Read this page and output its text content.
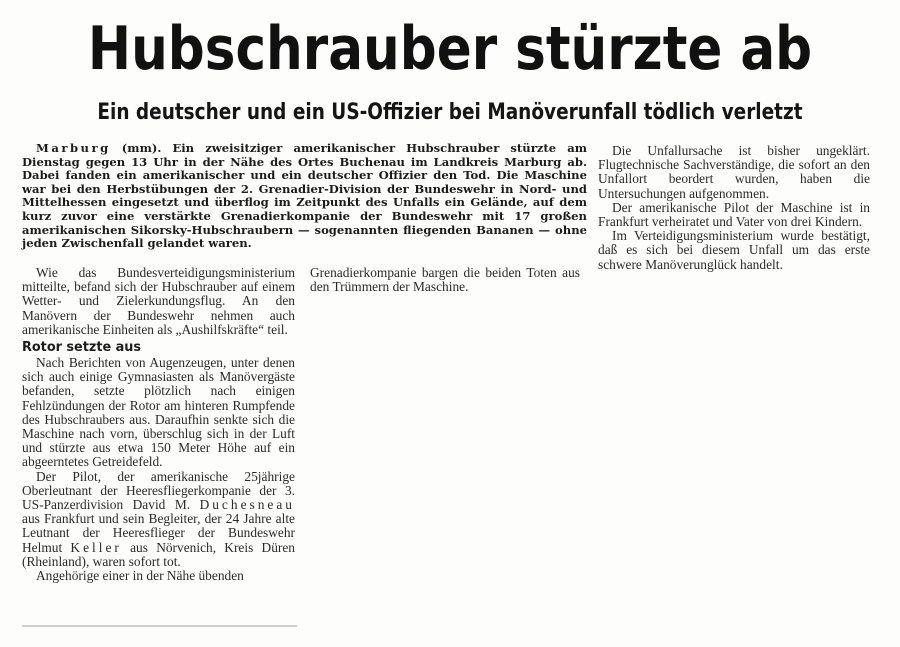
Hubschrauber stürzte ab
Ein deutscher und ein US-Offizier bei Manöverunfall tödlich verletzt
Marburg (mm). Ein zweisitziger amerikanischer Hubschrauber stürzte am Dienstag gegen 13 Uhr in der Nähe des Ortes Buchenau im Landkreis Marburg ab. Dabei fanden ein amerikanischer und ein deutscher Offizier den Tod. Die Maschine war bei den Herbstübungen der 2. Grenadier-Division der Bundeswehr in Nord- und Mittelhessen eingesetzt und überflog im Zeitpunkt des Unfalls ein Gelände, auf dem kurz zuvor eine verstärkte Grenadierkompanie der Bundeswehr mit 17 großen amerikanischen Sikorsky-Hubschraubern — sogenannten fliegenden Bananen — ohne jeden Zwischenfall gelandet waren.

Wie das Bundesverteidigungsministerium mitteilte, befand sich der Hubschrauber auf einem Wetter- und Zielerkundungsflug. An den Manövern der Bundeswehr nehmen auch amerikanische Einheiten als „Aushilfskräfte“ teil.

Rotor setzte aus

Nach Berichten von Augenzeugen, unter denen sich auch einige Gymnasiasten als Manövergäste befanden, setzte plötzlich nach einigen Fehlzündungen der Rotor am hinteren Rumpfende des Hubschraubers aus. Daraufhin senkte sich die Maschine nach vorn, überschlug sich in der Luft und stürzte aus etwa 150 Meter Höhe auf ein abgeerntetes Getreidefeld.

Der Pilot, der amerikanische 25jährige Oberleutnant der Heeresfliegerkompanie der 3. US-Panzerdivision David M. Duchesneau aus Frankfurt und sein Begleiter, der 24 Jahre alte Leutnant der Heeresflieger der Bundeswehr Helmut Keller aus Nörvenich, Kreis Düren (Rheinland), waren sofort tot.

Angehörige einer in der Nähe übenden

Grenadierkompanie bargen die beiden Toten aus den Trümmern der Maschine.

Die Unfallursache ist bisher ungeklärt. Flugtechnische Sachverständige, die sofort an den Unfallort beordert wurden, haben die Untersuchungen aufgenommen.

Der amerikanische Pilot der Maschine ist in Frankfurt verheiratet und Vater von drei Kindern.

Im Verteidigungsministerium wurde bestätigt, daß es sich bei diesem Unfall um das erste schwere Manöverunglück handelt.
